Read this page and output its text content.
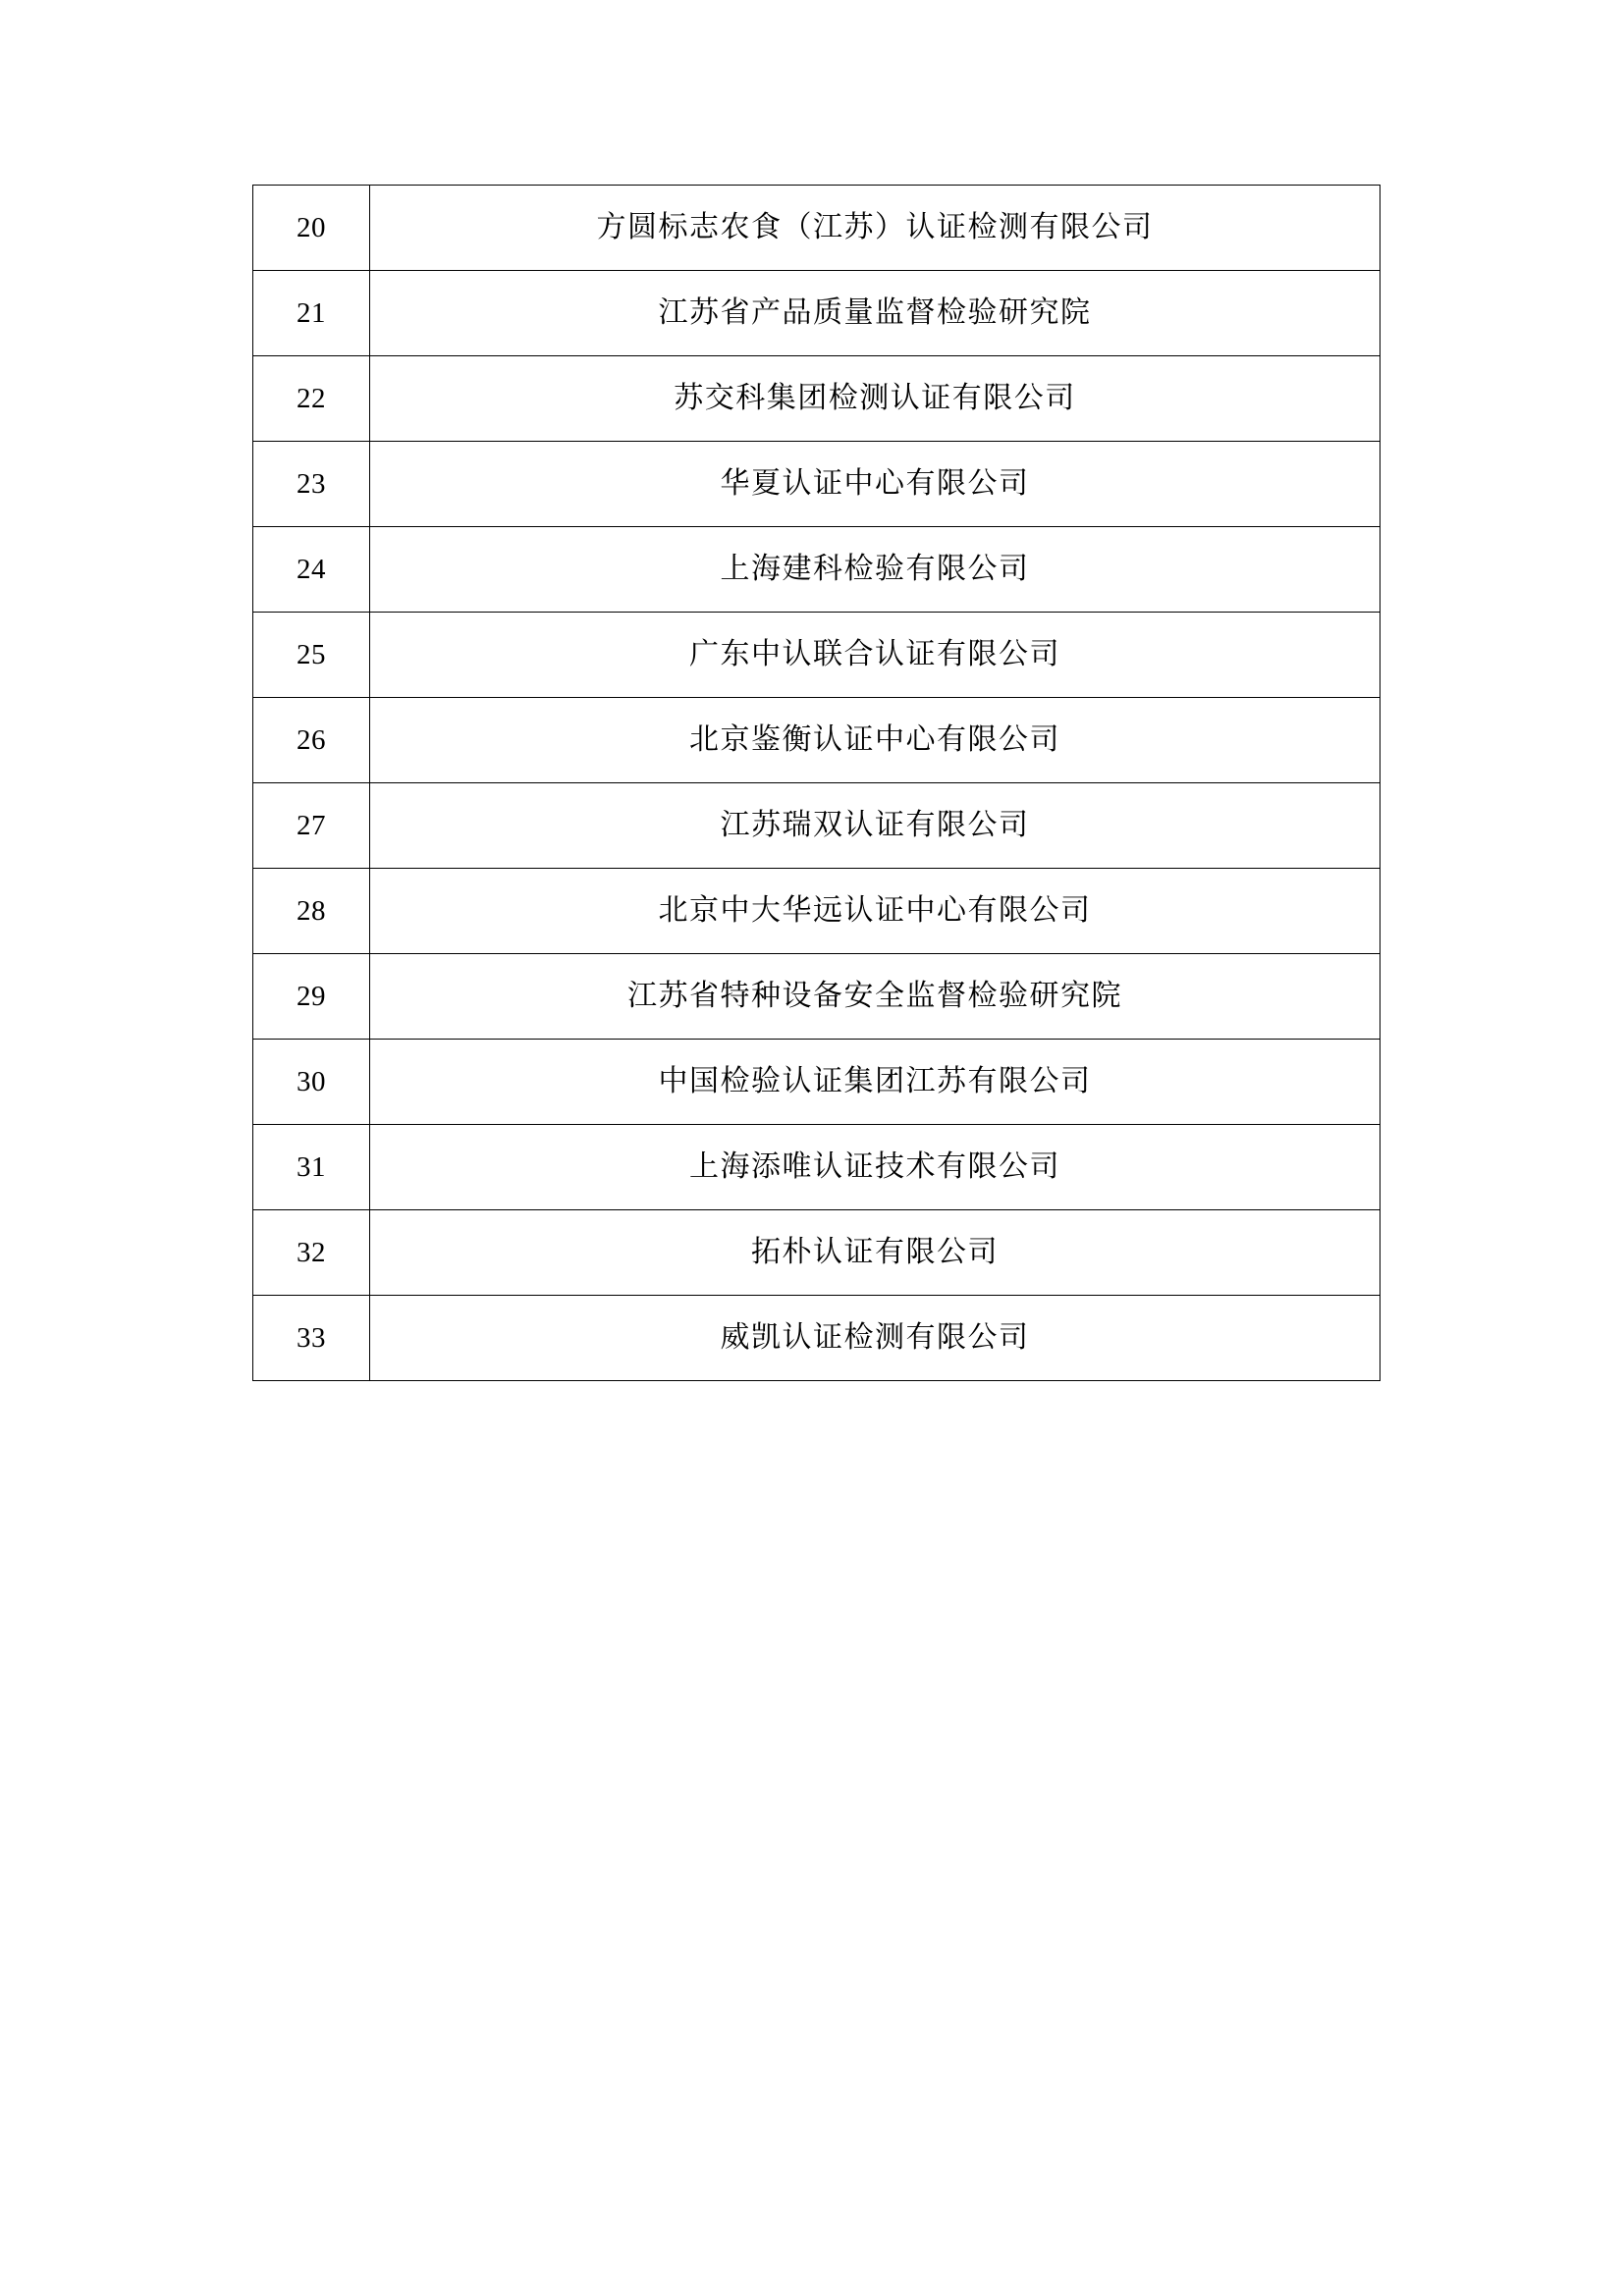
20	方圆标志农食（江苏）认证检测有限公司

21	江苏省产品质量监督检验研究院

22	苏交科集团检测认证有限公司

23	华夏认证中心有限公司

24	上海建科检验有限公司

25	广东中认联合认证有限公司

26	北京鉴衡认证中心有限公司

27	江苏瑞双认证有限公司

28	北京中大华远认证中心有限公司

29	江苏省特种设备安全监督检验研究院

30	中国检验认证集团江苏有限公司

31	上海添唯认证技术有限公司

32	拓朴认证有限公司

33	威凯认证检测有限公司
